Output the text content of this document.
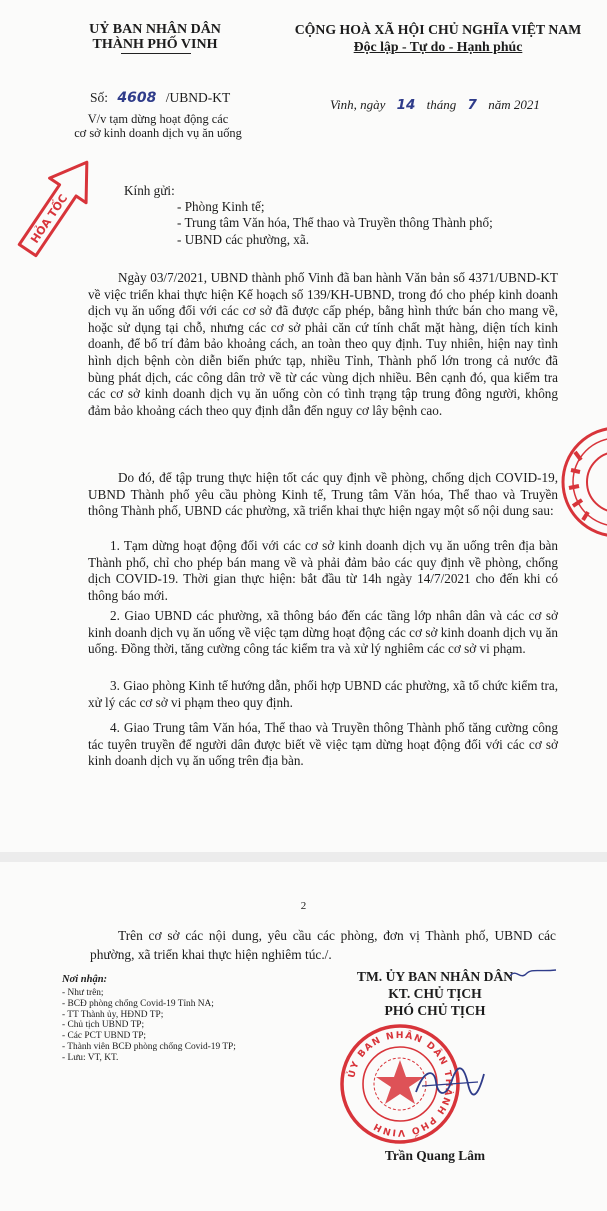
UỶ BAN NHÂN DÂN
THÀNH PHỐ VINH
Số: 4608 /UBND-KT
V/v tạm dừng hoạt động các
cơ sở kinh doanh dịch vụ ăn uống
CỘNG HOÀ XÃ HỘI CHỦ NGHĨA VIỆT NAM
Độc lập - Tự do - Hạnh phúc
Vinh, ngày 14 tháng 7 năm 2021
HỎA TỐC
Kính gửi:
- Phòng Kinh tế;
- Trung tâm Văn hóa, Thể thao và Truyền thông Thành phố;
- UBND các phường, xã.
Ngày 03/7/2021, UBND thành phố Vinh đã ban hành Văn bản số 4371/UBND-KT về việc triển khai thực hiện Kế hoạch số 139/KH-UBND, trong đó cho phép kinh doanh dịch vụ ăn uống đối với các cơ sở đã được cấp phép, bằng hình thức bán cho mang về, hoặc sử dụng tại chỗ, nhưng các cơ sở phải căn cứ tính chất mặt hàng, diện tích kinh doanh, để bố trí đảm bảo khoảng cách, an toàn theo quy định. Tuy nhiên, hiện nay tình hình dịch bệnh còn diễn biến phức tạp, nhiều Tỉnh, Thành phố lớn trong cả nước đã bùng phát dịch, các công dân trở về từ các vùng dịch nhiều. Bên cạnh đó, qua kiểm tra các cơ sở kinh doanh dịch vụ ăn uống còn có tình trạng tập trung đông người, không đảm bảo khoảng cách theo quy định dẫn đến nguy cơ lây bệnh cao.
Do đó, để tập trung thực hiện tốt các quy định về phòng, chống dịch COVID-19, UBND Thành phố yêu cầu phòng Kinh tế, Trung tâm Văn hóa, Thể thao và Truyền thông Thành phố, UBND các phường, xã triển khai thực hiện ngay một số nội dung sau:
1. Tạm dừng hoạt động đối với các cơ sở kinh doanh dịch vụ ăn uống trên địa bàn Thành phố, chỉ cho phép bán mang về và phải đảm bảo các quy định về phòng, chống dịch COVID-19. Thời gian thực hiện: bắt đầu từ 14h ngày 14/7/2021 cho đến khi có thông báo mới.
2. Giao UBND các phường, xã thông báo đến các tầng lớp nhân dân và các cơ sở kinh doanh dịch vụ ăn uống về việc tạm dừng hoạt động các cơ sở kinh doanh dịch vụ ăn uống. Đồng thời, tăng cường công tác kiểm tra và xử lý nghiêm các cơ sở vi phạm.
3. Giao phòng Kinh tế hướng dẫn, phối hợp UBND các phường, xã tổ chức kiểm tra, xử lý các cơ sở vi phạm theo quy định.
4. Giao Trung tâm Văn hóa, Thể thao và Truyền thông Thành phố tăng cường công tác tuyên truyền để người dân được biết về việc tạm dừng hoạt động đối với các cơ sở kinh doanh dịch vụ ăn uống trên địa bàn.
2
Trên cơ sở các nội dung, yêu cầu các phòng, đơn vị Thành phố, UBND các phường, xã triển khai thực hiện nghiêm túc./.
Nơi nhận:
- Như trên;
- BCĐ phòng chống Covid-19 Tỉnh NA;
- TT Thành ủy, HĐND TP;
- Chủ tịch UBND TP;
- Các PCT UBND TP;
- Thành viên BCĐ phòng chống Covid-19 TP;
- Lưu: VT, KT.
TM. ỦY BAN NHÂN DÂN
KT. CHỦ TỊCH
PHÓ CHỦ TỊCH
ỦY BAN NHÂN DÂN THÀNH PHỐ VINH
Trần Quang Lâm
